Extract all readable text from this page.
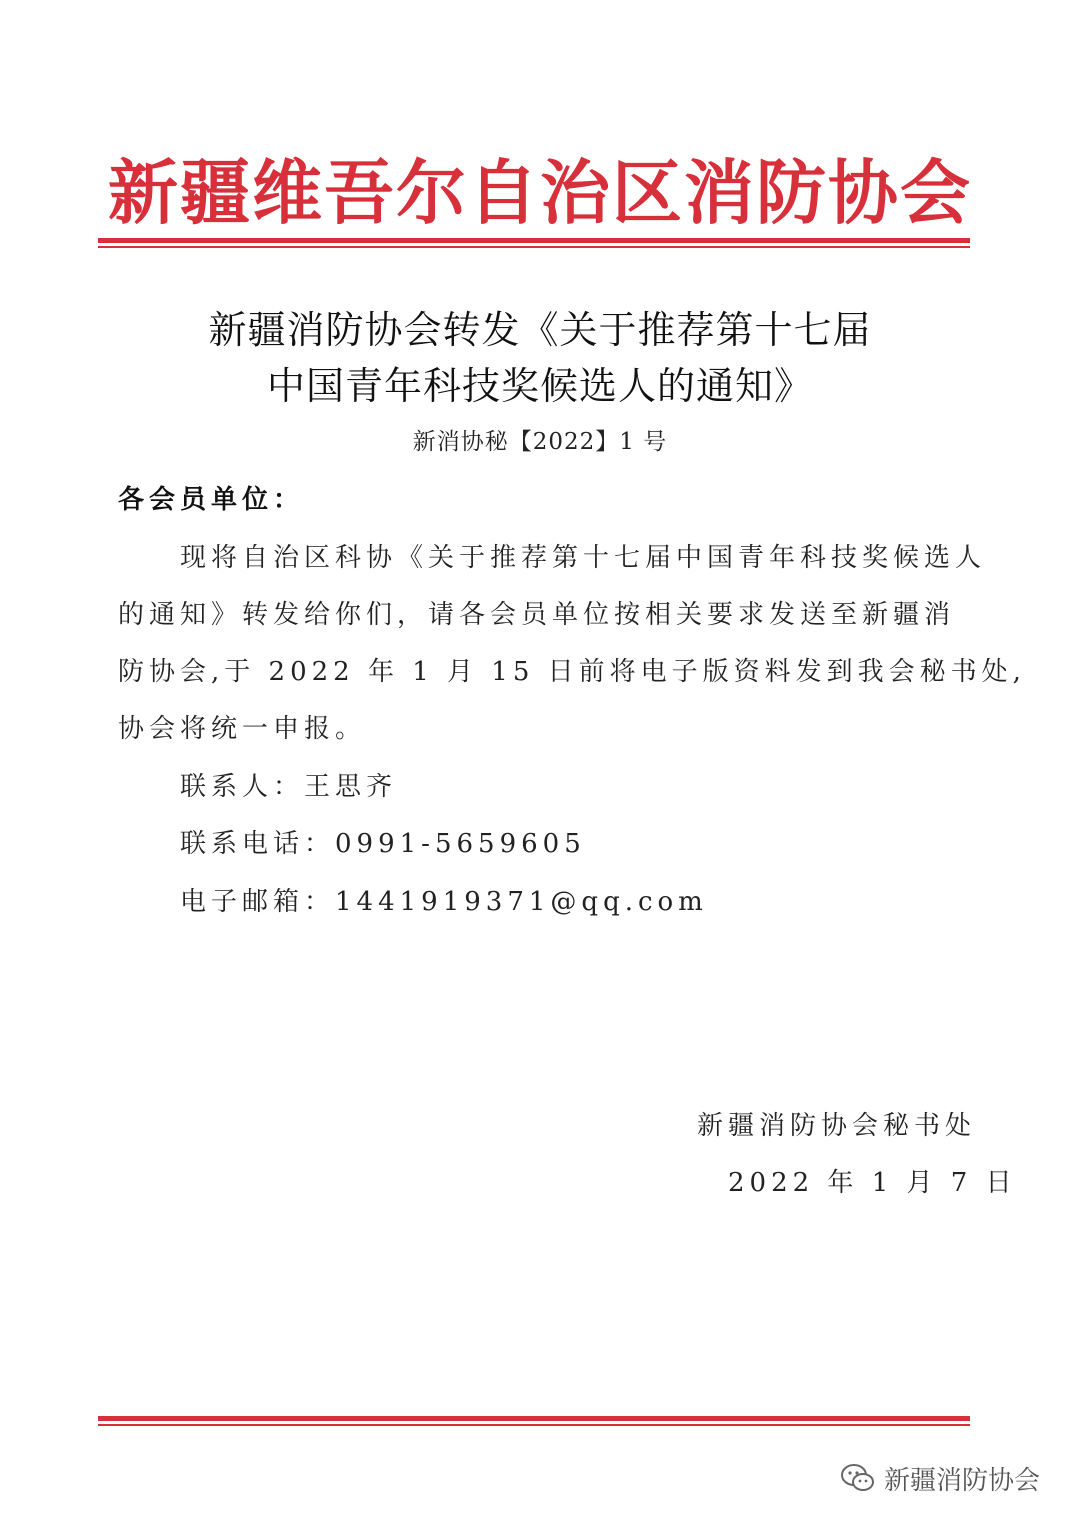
新疆维吾尔自治区消防协会
新疆消防协会转发《关于推荐第十七届
中国青年科技奖候选人的通知》
新消协秘【2022】1 号
各会员单位：
现将自治区科协《关于推荐第十七届中国青年科技奖候选人
的通知》转发给你们，请各会员单位按相关要求发送至新疆消
防协会,于 2022 年 1 月 15 日前将电子版资料发到我会秘书处,
协会将统一申报。
联系人：王思齐
联系电话：0991-5659605
电子邮箱：1441919371@qq.com
新疆消防协会秘书处
2022 年 1 月 7 日
新疆消防协会
